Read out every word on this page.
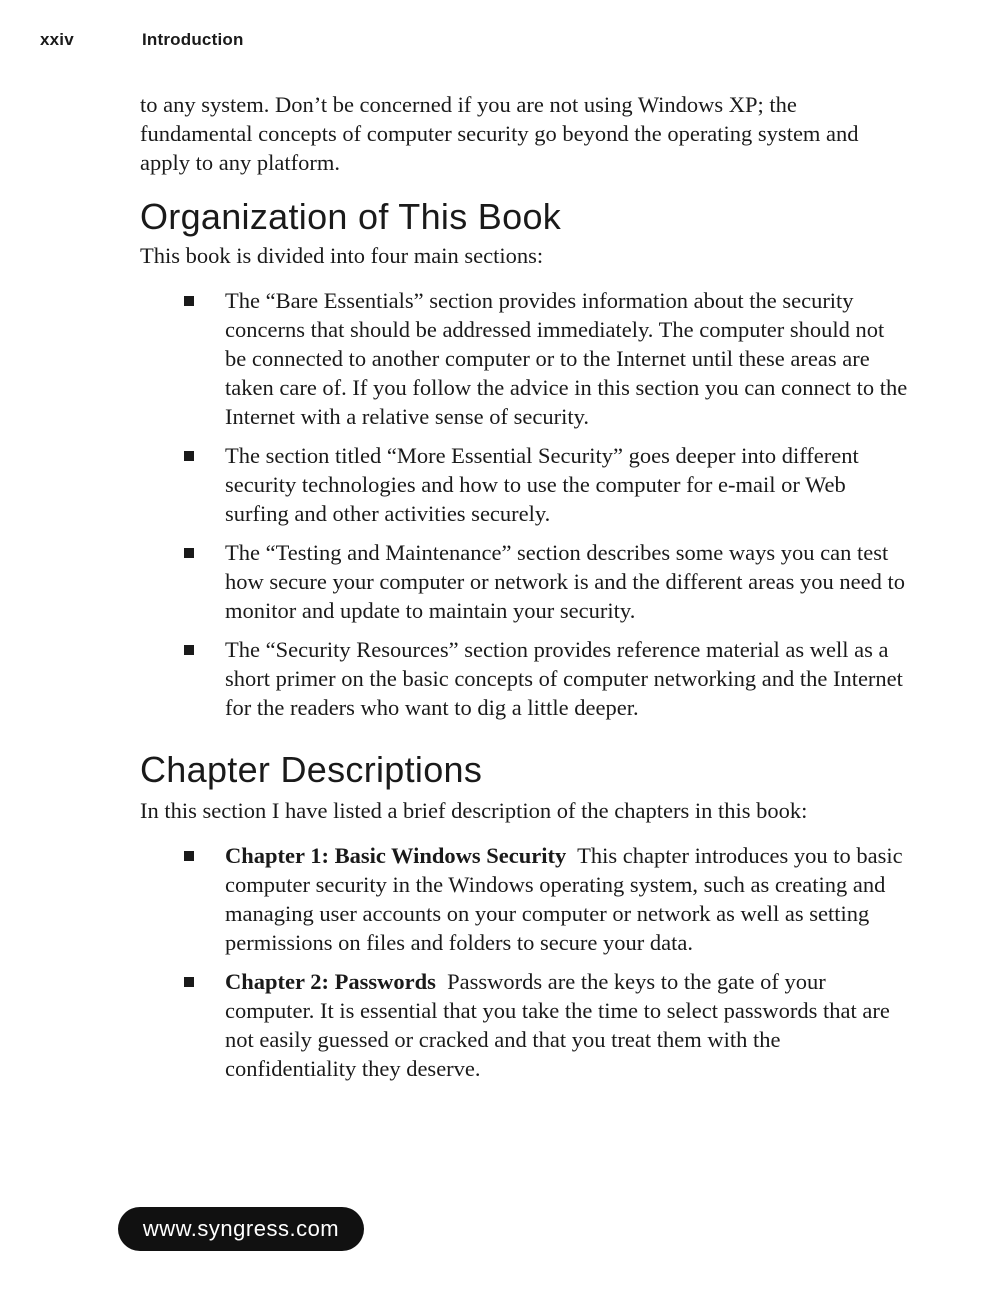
xxiv	Introduction

to any system. Don’t be concerned if you are not using Windows XP; the fundamental concepts of computer security go beyond the operating system and apply to any platform.

Organization of This Book

This book is divided into four main sections:

The “Bare Essentials” section provides information about the security concerns that should be addressed immediately. The computer should not be connected to another computer or to the Internet until these areas are taken care of. If you follow the advice in this section you can connect to the Internet with a relative sense of security.
The section titled “More Essential Security” goes deeper into different security technologies and how to use the computer for e-mail or Web surfing and other activities securely.
The “Testing and Maintenance” section describes some ways you can test how secure your computer or network is and the different areas you need to monitor and update to maintain your security.
The “Security Resources” section provides reference material as well as a short primer on the basic concepts of computer networking and the Internet for the readers who want to dig a little deeper.
Chapter Descriptions

In this section I have listed a brief description of the chapters in this book:

Chapter 1: Basic Windows Security This chapter introduces you to basic computer security in the Windows operating system, such as creating and managing user accounts on your computer or network as well as setting permissions on files and folders to secure your data.
Chapter 2: Passwords Passwords are the keys to the gate of your computer. It is essential that you take the time to select passwords that are not easily guessed or cracked and that you treat them with the confidentiality they deserve.
www.syngress.com
